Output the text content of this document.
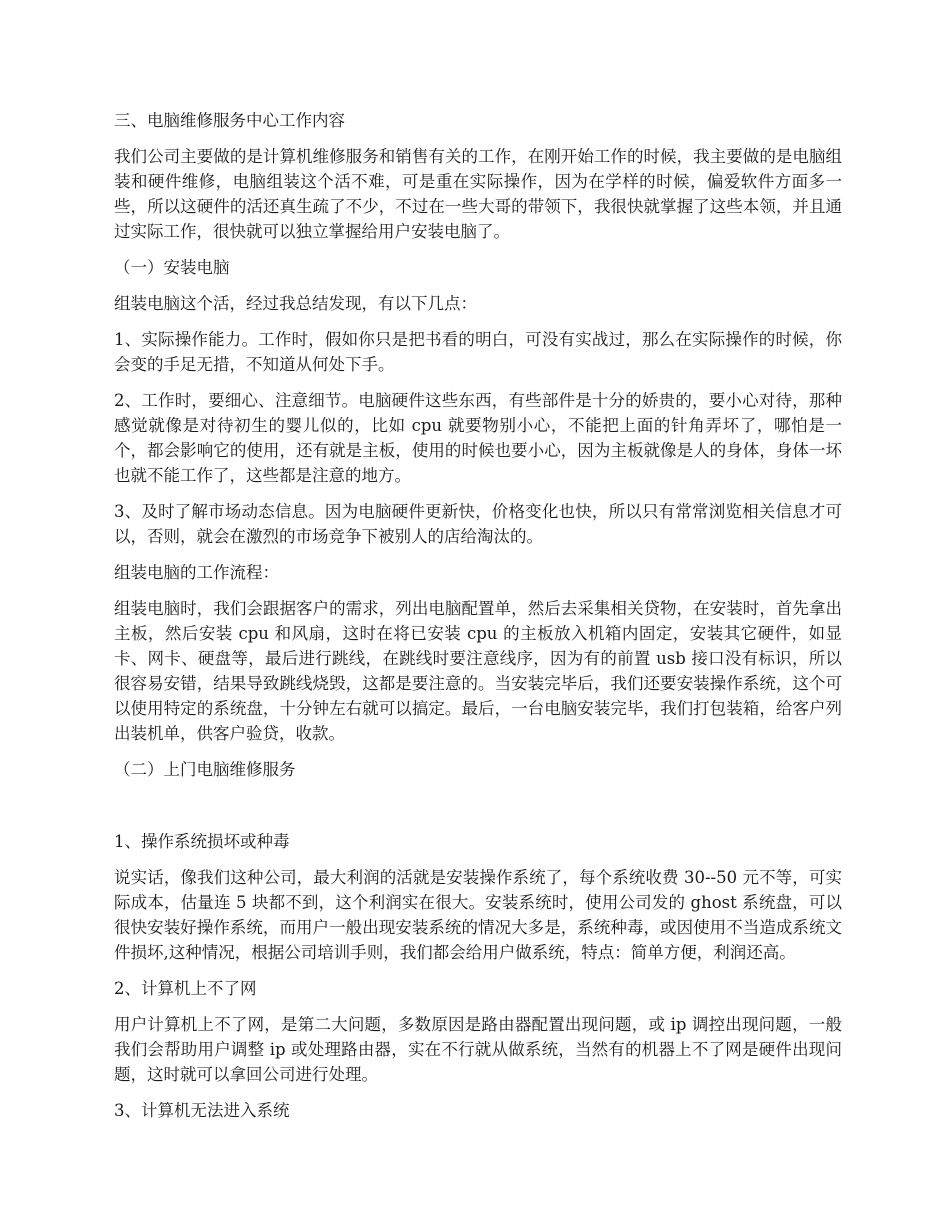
三、电脑维修服务中心工作内容

我们公司主要做的是计算机维修服务和销售有关的工作，在刚开始工作的时候，我主要做的是电脑组装和硬件维修，电脑组装这个活不难，可是重在实际操作，因为在学样的时候，偏爱软件方面多一些，所以这硬件的活还真生疏了不少，不过在一些大哥的带领下，我很快就掌握了这些本领，并且通过实际工作，很快就可以独立掌握给用户安装电脑了。

（一）安装电脑

组装电脑这个活，经过我总结发现，有以下几点：

1、实际操作能力。工作时，假如你只是把书看的明白，可没有实战过，那么在实际操作的时候，你会变的手足无措，不知道从何处下手。

2、工作时，要细心、注意细节。电脑硬件这些东西，有些部件是十分的娇贵的，要小心对待，那种感觉就像是对待初生的婴儿似的，比如 cpu 就要物别小心，不能把上面的针角弄坏了，哪怕是一个，都会影响它的使用，还有就是主板，使用的时候也要小心，因为主板就像是人的身体，身体一坏也就不能工作了，这些都是注意的地方。

3、及时了解市场动态信息。因为电脑硬件更新快，价格变化也快，所以只有常常浏览相关信息才可以，否则，就会在激烈的市场竞争下被别人的店给淘汰的。

组装电脑的工作流程：

组装电脑时，我们会跟据客户的需求，列出电脑配置单，然后去采集相关贷物，在安装时，首先拿出主板，然后安装 cpu 和风扇，这时在将已安装 cpu 的主板放入机箱内固定，安装其它硬件，如显卡、网卡、硬盘等，最后进行跳线，在跳线时要注意线序，因为有的前置 usb 接口没有标识，所以很容易安错，结果导致跳线烧毁，这都是要注意的。当安装完毕后，我们还要安装操作系统，这个可以使用特定的系统盘，十分钟左右就可以搞定。最后，一台电脑安装完毕，我们打包装箱，给客户列出装机单，供客户验贷，收款。

（二）上门电脑维修服务

1、操作系统损坏或种毒

说实话，像我们这种公司，最大利润的活就是安装操作系统了，每个系统收费 30--50 元不等，可实际成本，估量连 5 块都不到，这个利润实在很大。安装系统时，使用公司发的 ghost 系统盘，可以很快安装好操作系统，而用户一般出现安装系统的情况大多是，系统种毒，或因使用不当造成系统文件损坏,这种情况，根据公司培训手则，我们都会给用户做系统，特点：简单方便，利润还高。

2、计算机上不了网

用户计算机上不了网，是第二大问题，多数原因是路由器配置出现问题，或 ip 调控出现问题，一般我们会帮助用户调整 ip 或处理路由器，实在不行就从做系统，当然有的机器上不了网是硬件出现问题，这时就可以拿回公司进行处理。

3、计算机无法进入系统
